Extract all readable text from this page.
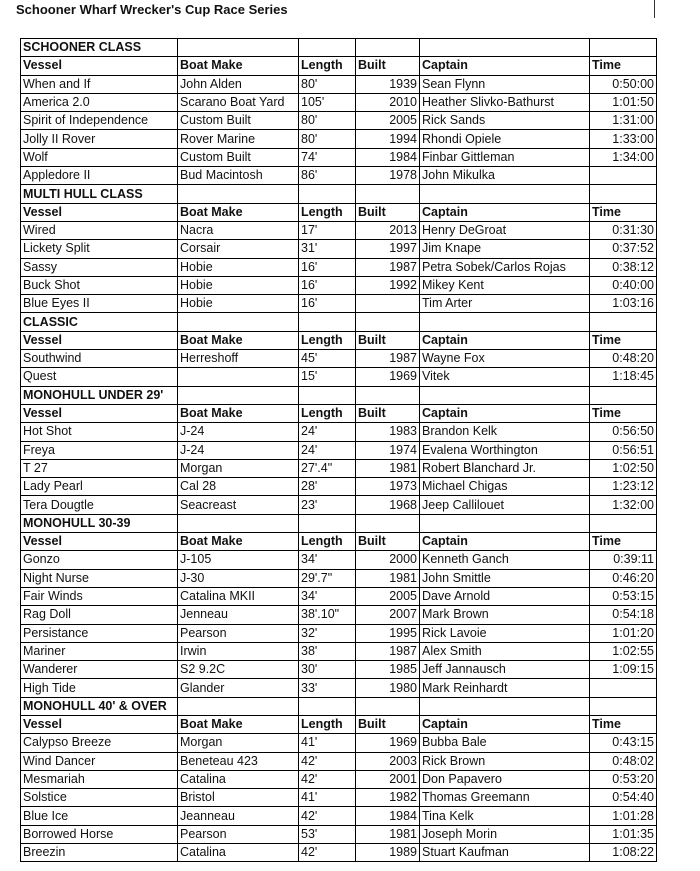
Schooner Wharf Wrecker's Cup Race Series
SCHOONER CLASS					
Vessel	Boat Make	Length	Built	Captain	Time
When and If	John Alden	80'	1939	Sean Flynn	0:50:00
America 2.0	Scarano Boat Yard	105'	2010	Heather Slivko-Bathurst	1:01:50
Spirit of Independence	Custom Built	80'	2005	Rick Sands	1:31:00
Jolly II Rover	Rover Marine	80'	1994	Rhondi Opiele	1:33:00
Wolf	Custom Built	74'	1984	Finbar Gittleman	1:34:00
Appledore II	Bud Macintosh	86'	1978	John Mikulka	
MULTI HULL CLASS					
Vessel	Boat Make	Length	Built	Captain	Time
Wired	Nacra	17'	2013	Henry DeGroat	0:31:30
Lickety Split	Corsair	31'	1997	Jim Knape	0:37:52
Sassy	Hobie	16'	1987	Petra Sobek/Carlos Rojas	0:38:12
Buck Shot	Hobie	16'	1992	Mikey Kent	0:40:00
Blue Eyes II	Hobie	16'		Tim Arter	1:03:16
CLASSIC					
Vessel	Boat Make	Length	Built	Captain	Time
Southwind	Herreshoff	45'	1987	Wayne Fox	0:48:20
Quest		15'	1969	Vitek	1:18:45
MONOHULL UNDER 29'					
Vessel	Boat Make	Length	Built	Captain	Time
Hot Shot	J-24	24'	1983	Brandon Kelk	0:56:50
Freya	J-24	24'	1974	Evalena Worthington	0:56:51
T 27	Morgan	27'.4"	1981	Robert Blanchard Jr.	1:02:50
Lady Pearl	Cal 28	28'	1973	Michael Chigas	1:23:12
Tera Dougtle	Seacreast	23'	1968	Jeep Callilouet	1:32:00
MONOHULL 30-39					
Vessel	Boat Make	Length	Built	Captain	Time
Gonzo	J-105	34'	2000	Kenneth Ganch	0:39:11
Night Nurse	J-30	29'.7"	1981	John Smittle	0:46:20
Fair Winds	Catalina MKII	34'	2005	Dave Arnold	0:53:15
Rag Doll	Jenneau	38'.10"	2007	Mark Brown	0:54:18
Persistance	Pearson	32'	1995	Rick Lavoie	1:01:20
Mariner	Irwin	38'	1987	Alex Smith	1:02:55
Wanderer	S2 9.2C	30'	1985	Jeff Jannausch	1:09:15
High Tide	Glander	33'	1980	Mark Reinhardt	
MONOHULL 40' & OVER					
Vessel	Boat Make	Length	Built	Captain	Time
Calypso Breeze	Morgan	41'	1969	Bubba Bale	0:43:15
Wind Dancer	Beneteau 423	42'	2003	Rick Brown	0:48:02
Mesmariah	Catalina	42'	2001	Don Papavero	0:53:20
Solstice	Bristol	41'	1982	Thomas Greemann	0:54:40
Blue Ice	Jeanneau	42'	1984	Tina Kelk	1:01:28
Borrowed Horse	Pearson	53'	1981	Joseph Morin	1:01:35
Breezin	Catalina	42'	1989	Stuart Kaufman	1:08:22
